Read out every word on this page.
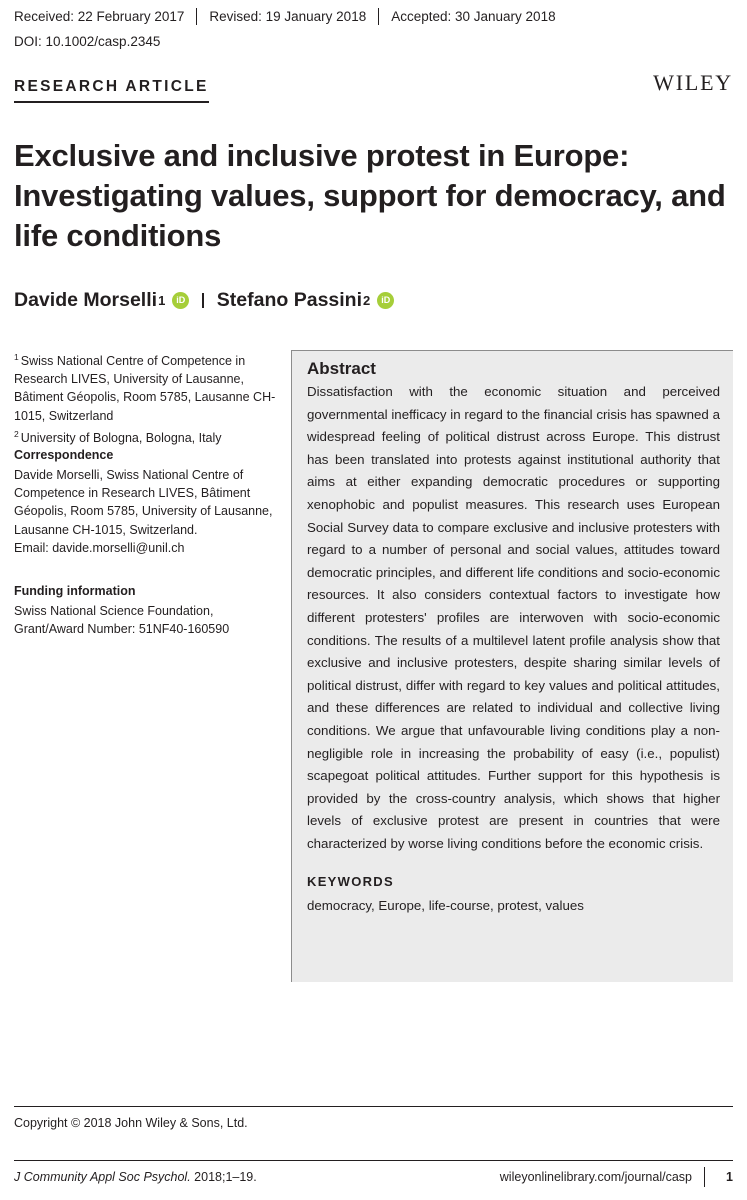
Received: 22 February 2017	Revised: 19 January 2018	Accepted: 30 January 2018
DOI: 10.1002/casp.2345
RESEARCH ARTICLE	WILEY
Exclusive and inclusive protest in Europe: Investigating values, support for democracy, and life conditions
Davide Morselli 1	iD Stefano Passini 2	iD
$^1$ Swiss National Centre of Competence in Research LIVES, University of Lausanne, Bâtiment Géopolis, Room 5785, Lausanne CH-1015, Switzerland
$^2$ University of Bologna, Bologna, Italy
Correspondence
Davide Morselli, Swiss National Centre of Competence in Research LIVES, Bâtiment Géopolis, Room 5785, University of Lausanne, Lausanne CH-1015, Switzerland.
Email: davide.morselli@unil.ch
Funding information
Swiss National Science Foundation, Grant/Award Number: 51NF40-160590
Abstract

Dissatisfaction with the economic situation and perceived governmental inefficacy in regard to the financial crisis has spawned a widespread feeling of political distrust across Europe. This distrust has been translated into protests against institutional authority that aims at either expanding democratic procedures or supporting xenophobic and populist measures. This research uses European Social Survey data to compare exclusive and inclusive protesters with regard to a number of personal and social values, attitudes toward democratic principles, and different life conditions and socio-economic resources. It also considers contextual factors to investigate how different protesters' profiles are interwoven with socio-economic conditions. The results of a multilevel latent profile analysis show that exclusive and inclusive protesters, despite sharing similar levels of political distrust, differ with regard to key values and political attitudes, and these differences are related to individual and collective living conditions. We argue that unfavourable living conditions play a non-negligible role in increasing the probability of easy (i.e., populist) scapegoat political attitudes. Further support for this hypothesis is provided by the cross-country analysis, which shows that higher levels of exclusive protest are present in countries that were characterized by worse living conditions before the economic crisis.

KEYWORDS
democracy, Europe, life-course, protest, values
Copyright © 2018 John Wiley & Sons, Ltd.
J Community Appl Soc Psychol. 2018;1–19.	wileyonlinelibrary.com/journal/casp	1
